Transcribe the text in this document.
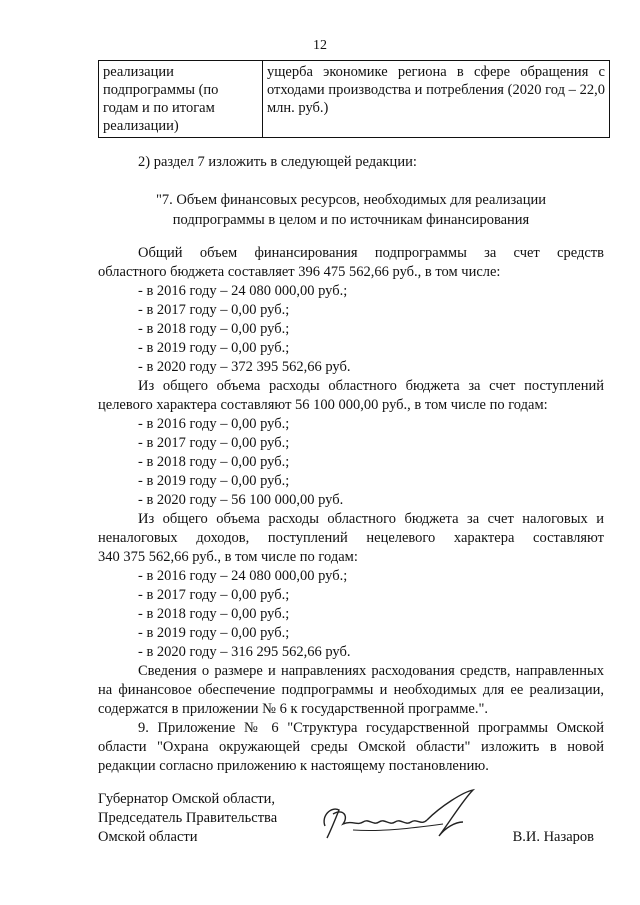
12
реализации
подпрограммы (по
годам и по итогам
реализации)
	ущерба экономике региона в сфере обращения с отходами производства и потребления (2020 год – 22,0 млн. руб.)

2) раздел 7 изложить в следующей редакции:

"7. Объем финансовых ресурсов, необходимых для реализации
подпрограммы в целом и по источникам финансирования

Общий объем финансирования подпрограммы за счет средств

областного бюджета составляет 396 475 562,66 руб., в том числе:

- в 2016 году – 24 080 000,00 руб.;

- в 2017 году – 0,00 руб.;

- в 2018 году – 0,00 руб.;

- в 2019 году – 0,00 руб.;

- в 2020 году – 372 395 562,66 руб.

Из общего объема расходы областного бюджета за счет поступлений

целевого характера составляют 56 100 000,00 руб., в том числе по годам:

- в 2016 году – 0,00 руб.;

- в 2017 году – 0,00 руб.;

- в 2018 году – 0,00 руб.;

- в 2019 году – 0,00 руб.;

- в 2020 году – 56 100 000,00 руб.

Из общего объема расходы областного бюджета за счет налоговых и

неналоговых доходов, поступлений нецелевого характера составляют

340 375 562,66 руб., в том числе по годам:

- в 2016 году – 24 080 000,00 руб.;

- в 2017 году – 0,00 руб.;

- в 2018 году – 0,00 руб.;

- в 2019 году – 0,00 руб.;

- в 2020 году – 316 295 562,66 руб.

Сведения о размере и направлениях расходования средств, направленных на финансовое обеспечение подпрограммы и необходимых для ее реализации, содержатся в приложении № 6 к государственной программе.".

9. Приложение № 6 "Структура государственной программы Омской области "Охрана окружающей среды Омской области" изложить в новой редакции согласно приложению к настоящему постановлению.

Губернатор Омской области,
Председатель Правительства
Омской области	В.И. Назаров
